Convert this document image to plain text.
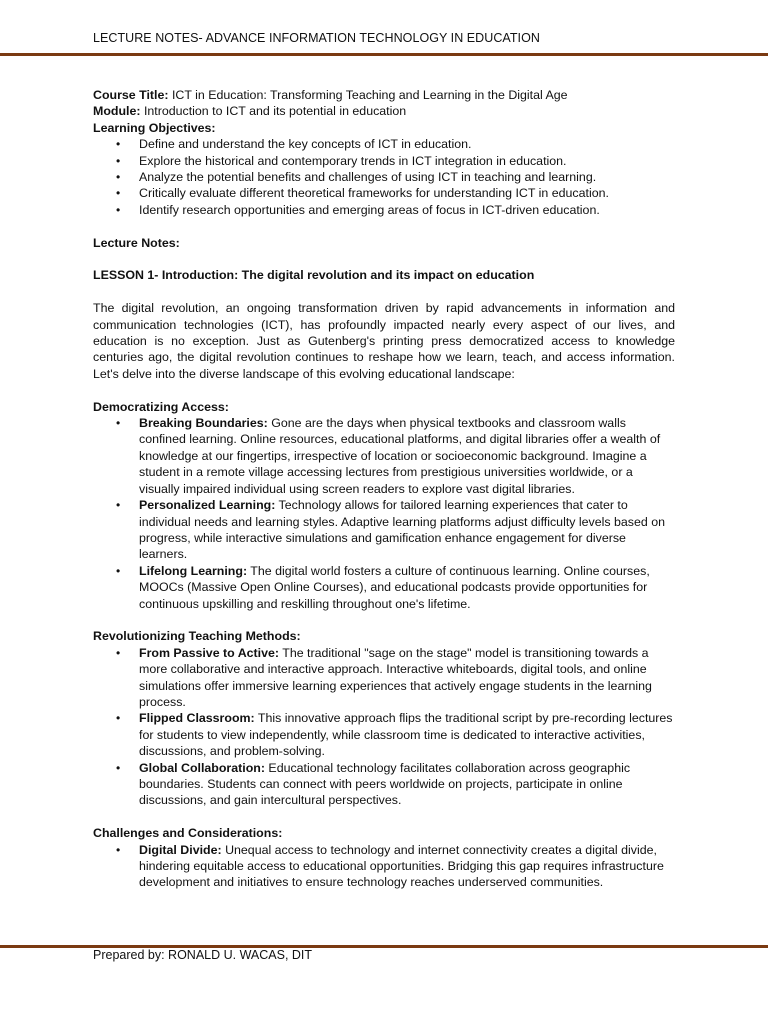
LECTURE NOTES- ADVANCE INFORMATION TECHNOLOGY IN EDUCATION

Course Title: ICT in Education: Transforming Teaching and Learning in the Digital Age

Module: Introduction to ICT and its potential in education

Learning Objectives:

• Define and understand the key concepts of ICT in education.
• Explore the historical and contemporary trends in ICT integration in education.
• Analyze the potential benefits and challenges of using ICT in teaching and learning.
• Critically evaluate different theoretical frameworks for understanding ICT in education.
• Identify research opportunities and emerging areas of focus in ICT-driven education.

Lecture Notes:

LESSON 1- Introduction: The digital revolution and its impact on education

The digital revolution, an ongoing transformation driven by rapid advancements in information and communication technologies (ICT), has profoundly impacted nearly every aspect of our lives, and education is no exception. Just as Gutenberg's printing press democratized access to knowledge centuries ago, the digital revolution continues to reshape how we learn, teach, and access information. Let's delve into the diverse landscape of this evolving educational landscape:

Democratizing Access:

• Breaking Boundaries: Gone are the days when physical textbooks and classroom walls confined learning. Online resources, educational platforms, and digital libraries offer a wealth of knowledge at our fingertips, irrespective of location or socioeconomic background. Imagine a student in a remote village accessing lectures from prestigious universities worldwide, or a visually impaired individual using screen readers to explore vast digital libraries.
• Personalized Learning: Technology allows for tailored learning experiences that cater to individual needs and learning styles. Adaptive learning platforms adjust difficulty levels based on progress, while interactive simulations and gamification enhance engagement for diverse learners.
• Lifelong Learning: The digital world fosters a culture of continuous learning. Online courses, MOOCs (Massive Open Online Courses), and educational podcasts provide opportunities for continuous upskilling and reskilling throughout one's lifetime.

Revolutionizing Teaching Methods:

• From Passive to Active: The traditional "sage on the stage" model is transitioning towards a more collaborative and interactive approach. Interactive whiteboards, digital tools, and online simulations offer immersive learning experiences that actively engage students in the learning process.
• Flipped Classroom: This innovative approach flips the traditional script by pre-recording lectures for students to view independently, while classroom time is dedicated to interactive activities, discussions, and problem-solving.
• Global Collaboration: Educational technology facilitates collaboration across geographic boundaries. Students can connect with peers worldwide on projects, participate in online discussions, and gain intercultural perspectives.

Challenges and Considerations:

• Digital Divide: Unequal access to technology and internet connectivity creates a digital divide, hindering equitable access to educational opportunities. Bridging this gap requires infrastructure development and initiatives to ensure technology reaches underserved communities.
Prepared by: RONALD U. WACAS, DIT
